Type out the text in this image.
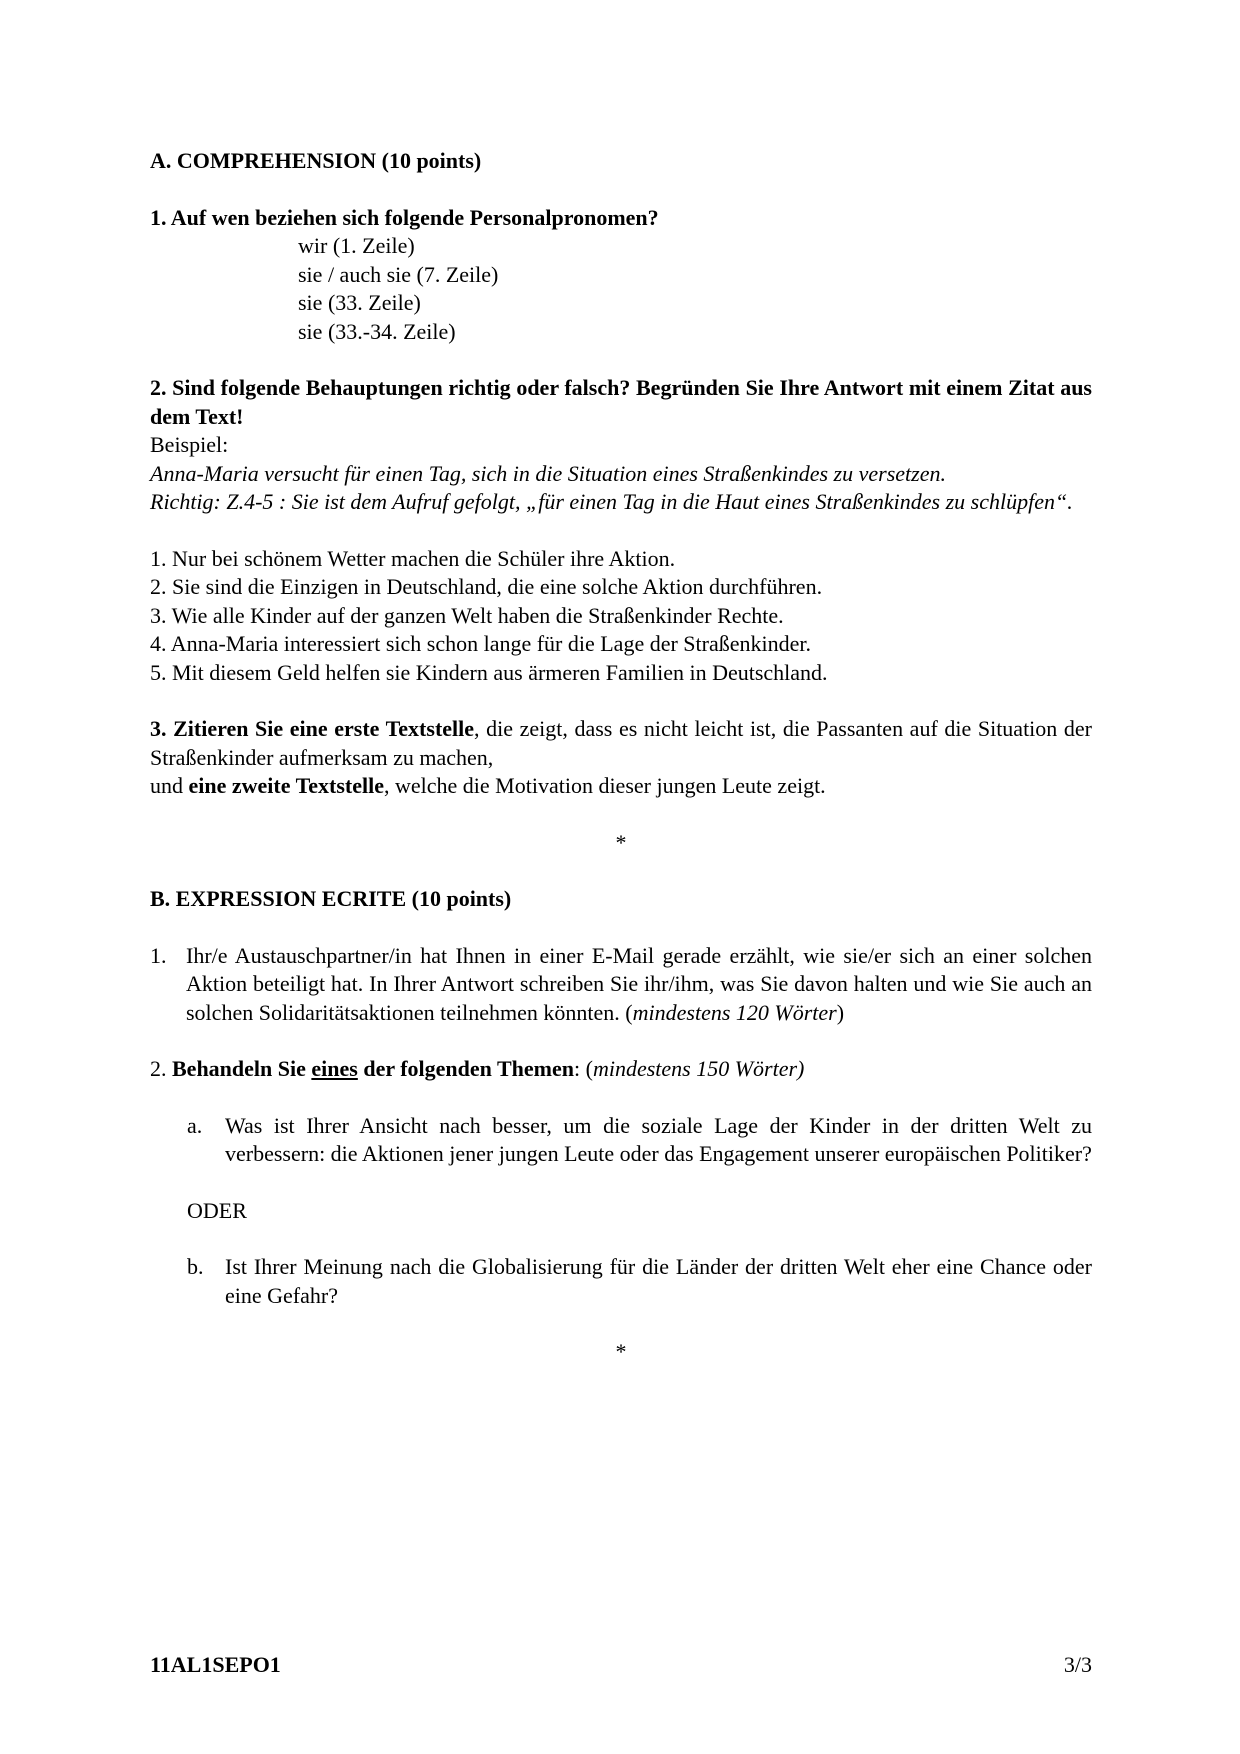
A. COMPREHENSION (10 points)

1. Auf wen beziehen sich folgende Personalpronomen?

wir (1. Zeile)

sie / auch sie (7. Zeile)

sie (33. Zeile)

sie (33.-34. Zeile)

2. Sind folgende Behauptungen richtig oder falsch? Begründen Sie Ihre Antwort mit einem Zitat aus dem Text!

Beispiel:

Anna-Maria versucht für einen Tag, sich in die Situation eines Straßenkindes zu versetzen.

Richtig: Z.4-5 : Sie ist dem Aufruf gefolgt, „für einen Tag in die Haut eines Straßenkindes zu schlüpfen“.

1. Nur bei schönem Wetter machen die Schüler ihre Aktion.

2. Sie sind die Einzigen in Deutschland, die eine solche Aktion durchführen.

3. Wie alle Kinder auf der ganzen Welt haben die Straßenkinder Rechte.

4. Anna-Maria interessiert sich schon lange für die Lage der Straßenkinder.

5. Mit diesem Geld helfen sie Kindern aus ärmeren Familien in Deutschland.

3. Zitieren Sie eine erste Textstelle, die zeigt, dass es nicht leicht ist, die Passanten auf die Situation der Straßenkinder aufmerksam zu machen,

und eine zweite Textstelle, welche die Motivation dieser jungen Leute zeigt.

*

B. EXPRESSION ECRITE (10 points)

1. Ihr/e Austauschpartner/in hat Ihnen in einer E-Mail gerade erzählt, wie sie/er sich an einer solchen Aktion beteiligt hat. In Ihrer Antwort schreiben Sie ihr/ihm, was Sie davon halten und wie Sie auch an solchen Solidaritätsaktionen teilnehmen könnten. (mindestens 120 Wörter)

2. Behandeln Sie eines der folgenden Themen: (mindestens 150 Wörter)

a.	Was ist Ihrer Ansicht nach besser, um die soziale Lage der Kinder in der dritten Welt zu verbessern: die Aktionen jener jungen Leute oder das Engagement unserer europäischen Politiker?

ODER

b. Ist Ihrer Meinung nach die Globalisierung für die Länder der dritten Welt eher eine Chance oder eine Gefahr?

*

11AL1SEPO1	3/3
